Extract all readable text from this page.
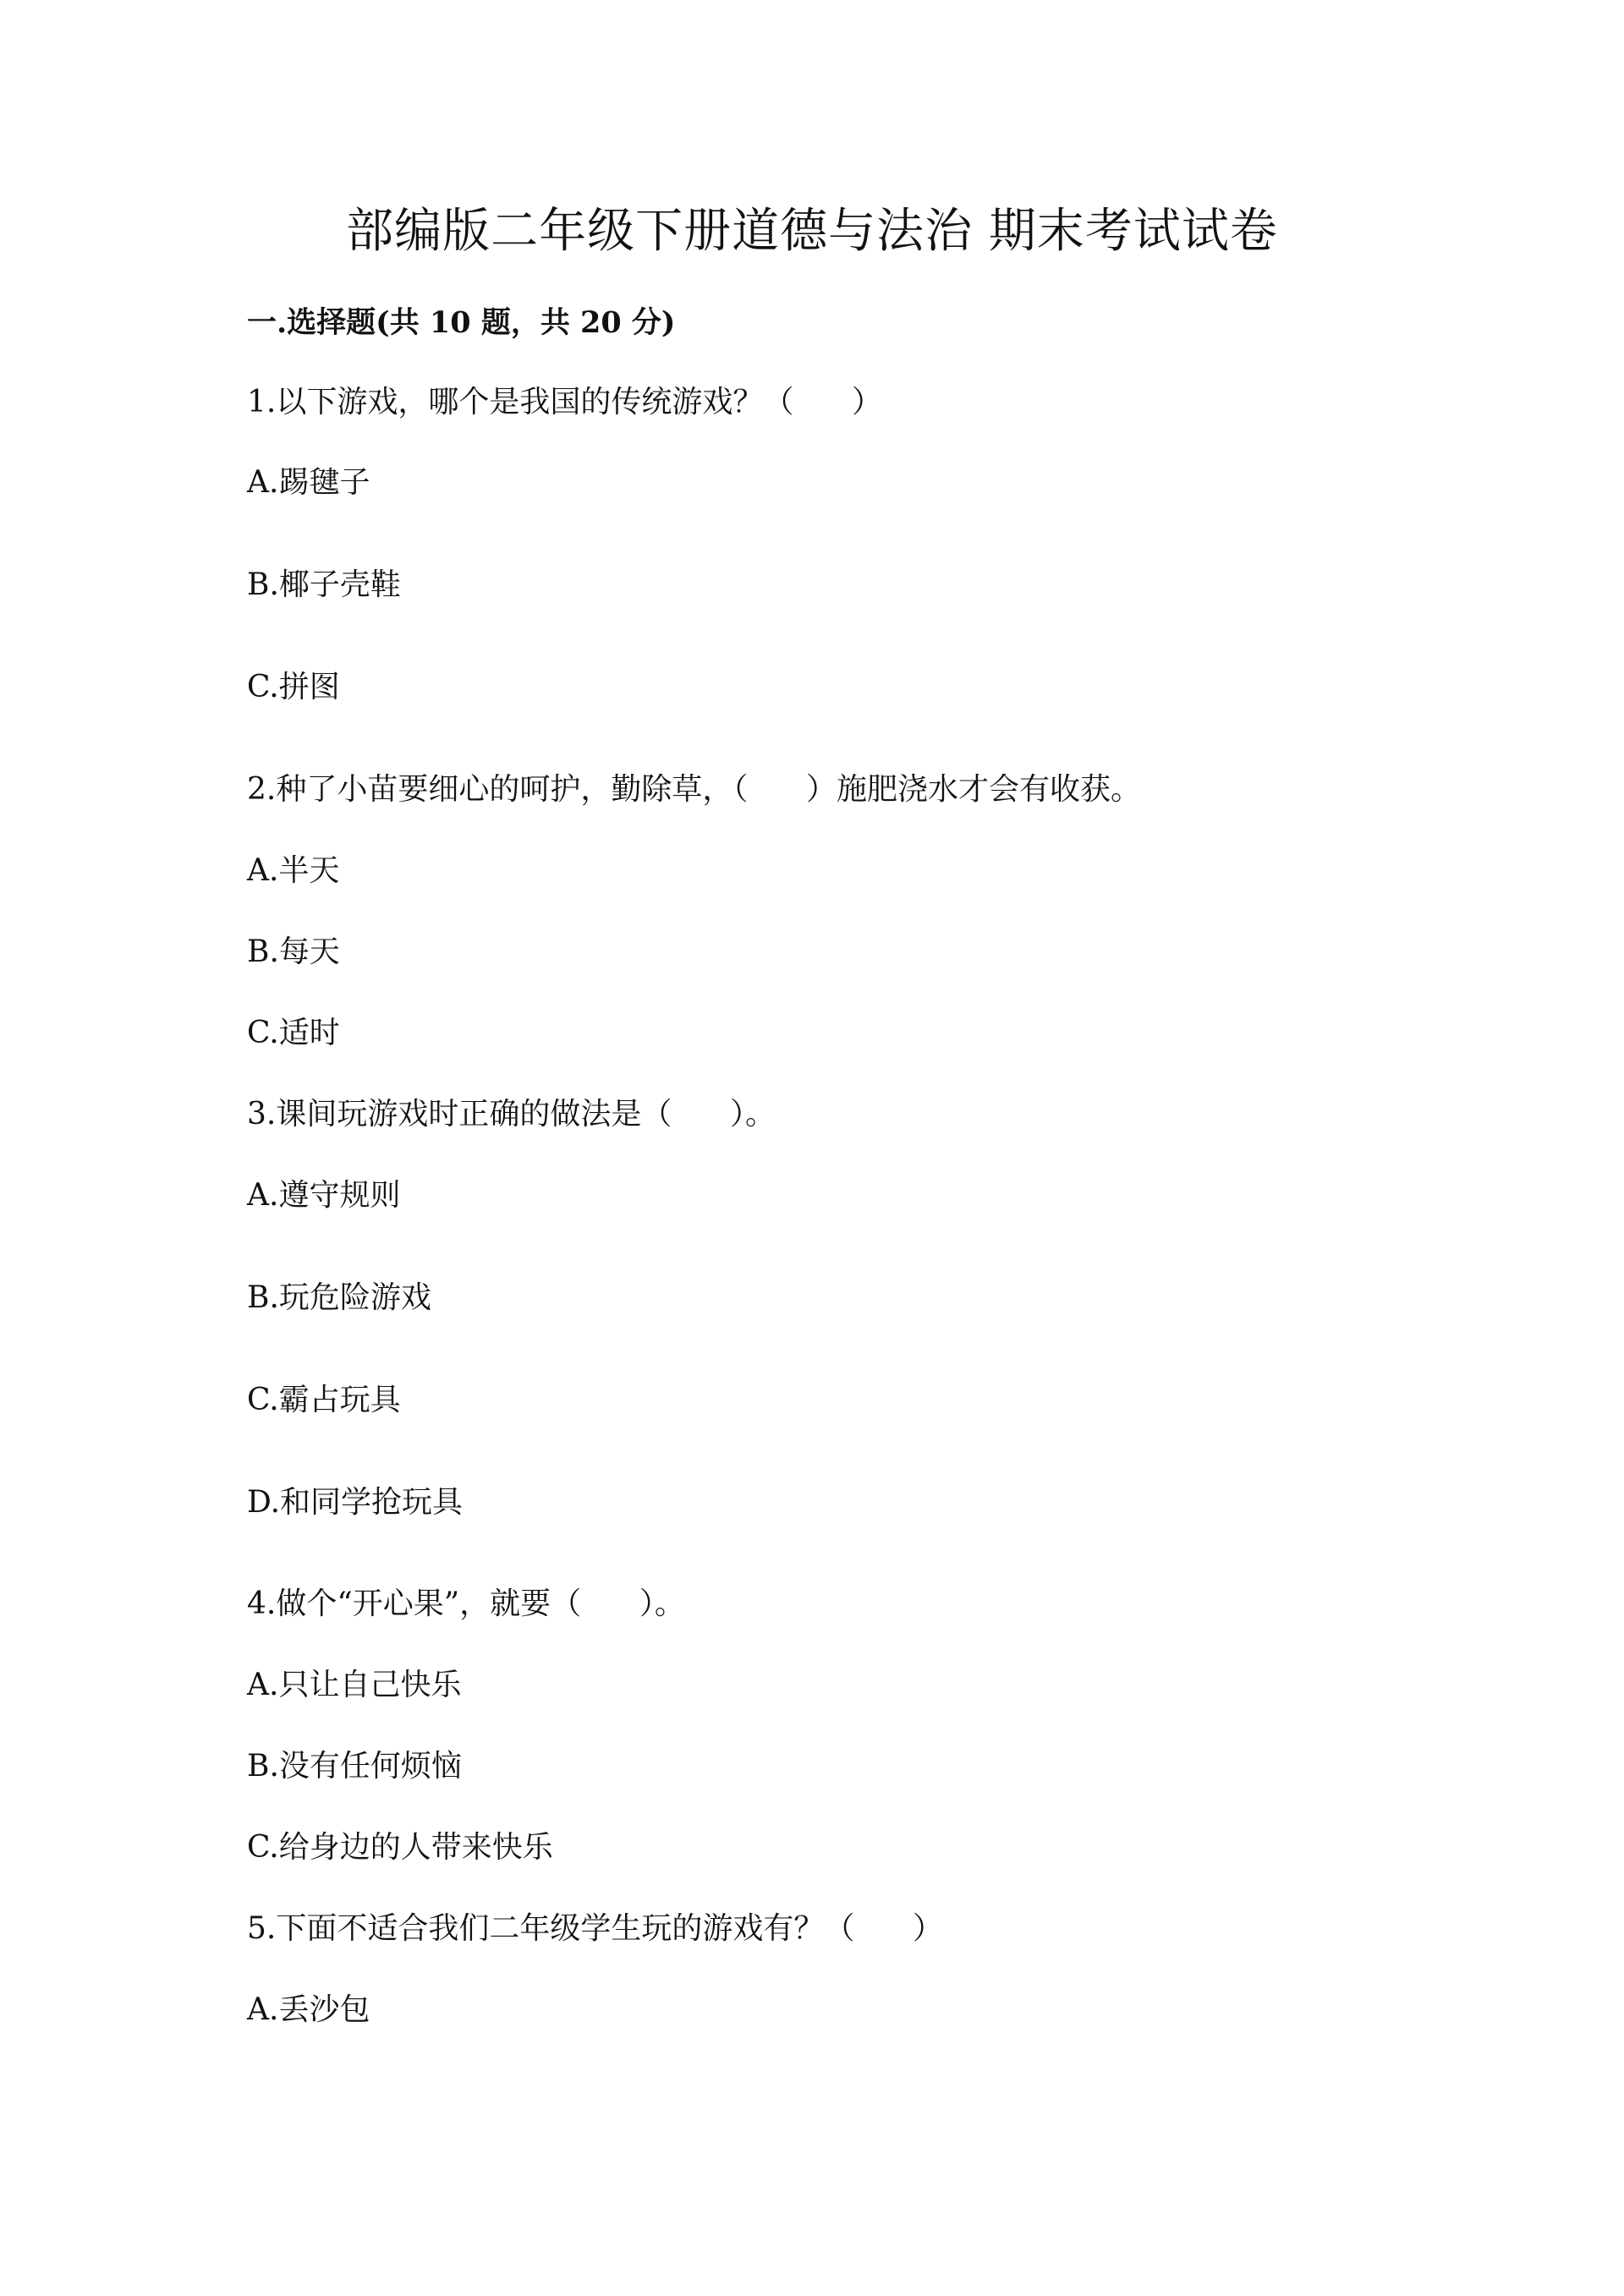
部编版二年级下册道德与法治 期末考试试卷
一.选择题(共 10 题，共 20 分)
1.以下游戏，哪个是我国的传统游戏？（      ）
A.踢毽子
B.椰子壳鞋
C.拼图
2.种了小苗要细心的呵护，勤除草，（      ）施肥浇水才会有收获。
A.半天
B.每天
C.适时
3.课间玩游戏时正确的做法是（      ）。
A.遵守规则
B.玩危险游戏
C.霸占玩具
D.和同学抢玩具
4.做个“开心果”，就要（      ）。
A.只让自己快乐
B.没有任何烦恼
C.给身边的人带来快乐
5.下面不适合我们二年级学生玩的游戏有？（      ）
A.丢沙包
